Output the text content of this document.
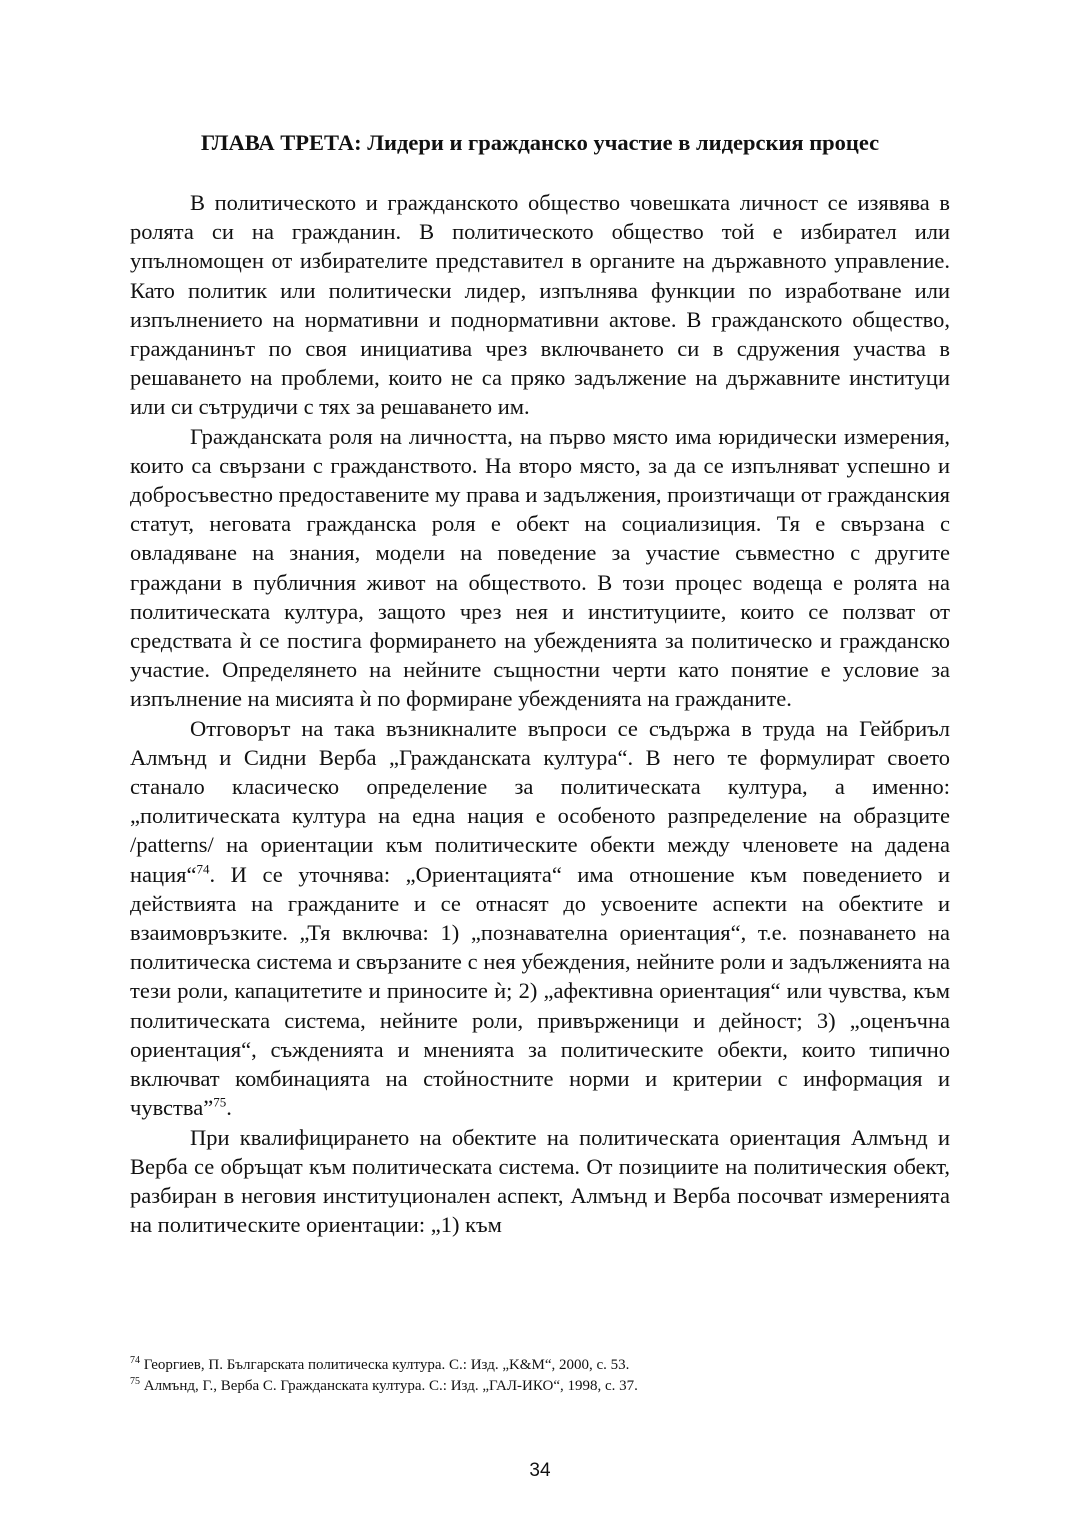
ГЛАВА ТРЕТА: Лидери и гражданско участие в лидерския процес

В политическото и гражданското общество човешката личност се изявява в ролята си на гражданин. В политическото общество той е избирател или упълномощен от избирателите представител в органите на държавното управление. Като политик или политически лидер, изпълнява функции по изработване или изпълнението на нормативни и поднормативни актове. В гражданското общество, гражданинът по своя инициатива чрез включването си в сдружения участва в решаването на проблеми, които не са пряко задължение на държавните институци или си сътрудичи с тях за решаването им.

Гражданската роля на личността, на първо място има юридически измерения, които са свързани с гражданството. На второ място, за да се изпълняват успешно и добросъвестно предоставените му права и задължения, произтичащи от гражданския статут, неговата гражданска роля е обект на социализиция. Тя е свързана с овладяване на знания, модели на поведение за участие съвместно с другите граждани в публичния живот на обществото. В този процес водеща е ролята на политическата култура, защото чрез нея и институциите, които се ползват от средствата ѝ се постига формирането на убежденията за политическо и гражданско участие. Определянето на нейните същностни черти като понятие е условие за изпълнение на мисията ѝ по формиране убежденията на гражданите.

Отговорът на така възникналите въпроси се съдържа в труда на Гейбриъл Алмънд и Сидни Верба „Гражданската култура“. В него те формулират своето станало класическо определение за политическата култура, а именно: „политическата култура на една нация е особеното разпределение на образците /patterns/ на ориентации към политическите обекти между членовете на дадена нация“$^{74}$. И се уточнява: „Ориентацията“ има отношение към поведението и действията на гражданите и се отнасят до усвоените аспекти на обектите и взаимовръзките. „Тя включва: 1) „познавателна ориентация“, т.е. познаването на политическа система и свързаните с нея убеждения, нейните роли и задълженията на тези роли, капацитетите и приносите ѝ; 2) „афективна ориентация“ или чувства, към политическата система, нейните роли, привърженици и дейност; 3) „оценъчна ориентация“, съжденията и мненията за политическите обекти, които типично включват комбинацията на стойностните норми и критерии с информация и чувства”$^{75}$.

При квалифицирането на обектите на политическата ориентация Алмънд и Верба се обръщат към политическата система. От позициите на политическия обект, разбиран в неговия институционален аспект, Алмънд и Верба посочват измеренията на политическите ориентации: „1) към

$^{74}$ Георгиев, П. Българската политическа култура. С.: Изд. „K&M“, 2000, с. 53.

$^{75}$ Алмънд, Г., Верба С. Гражданската култура. С.: Изд. „ГАЛ-ИКО“, 1998, с. 37.

34
